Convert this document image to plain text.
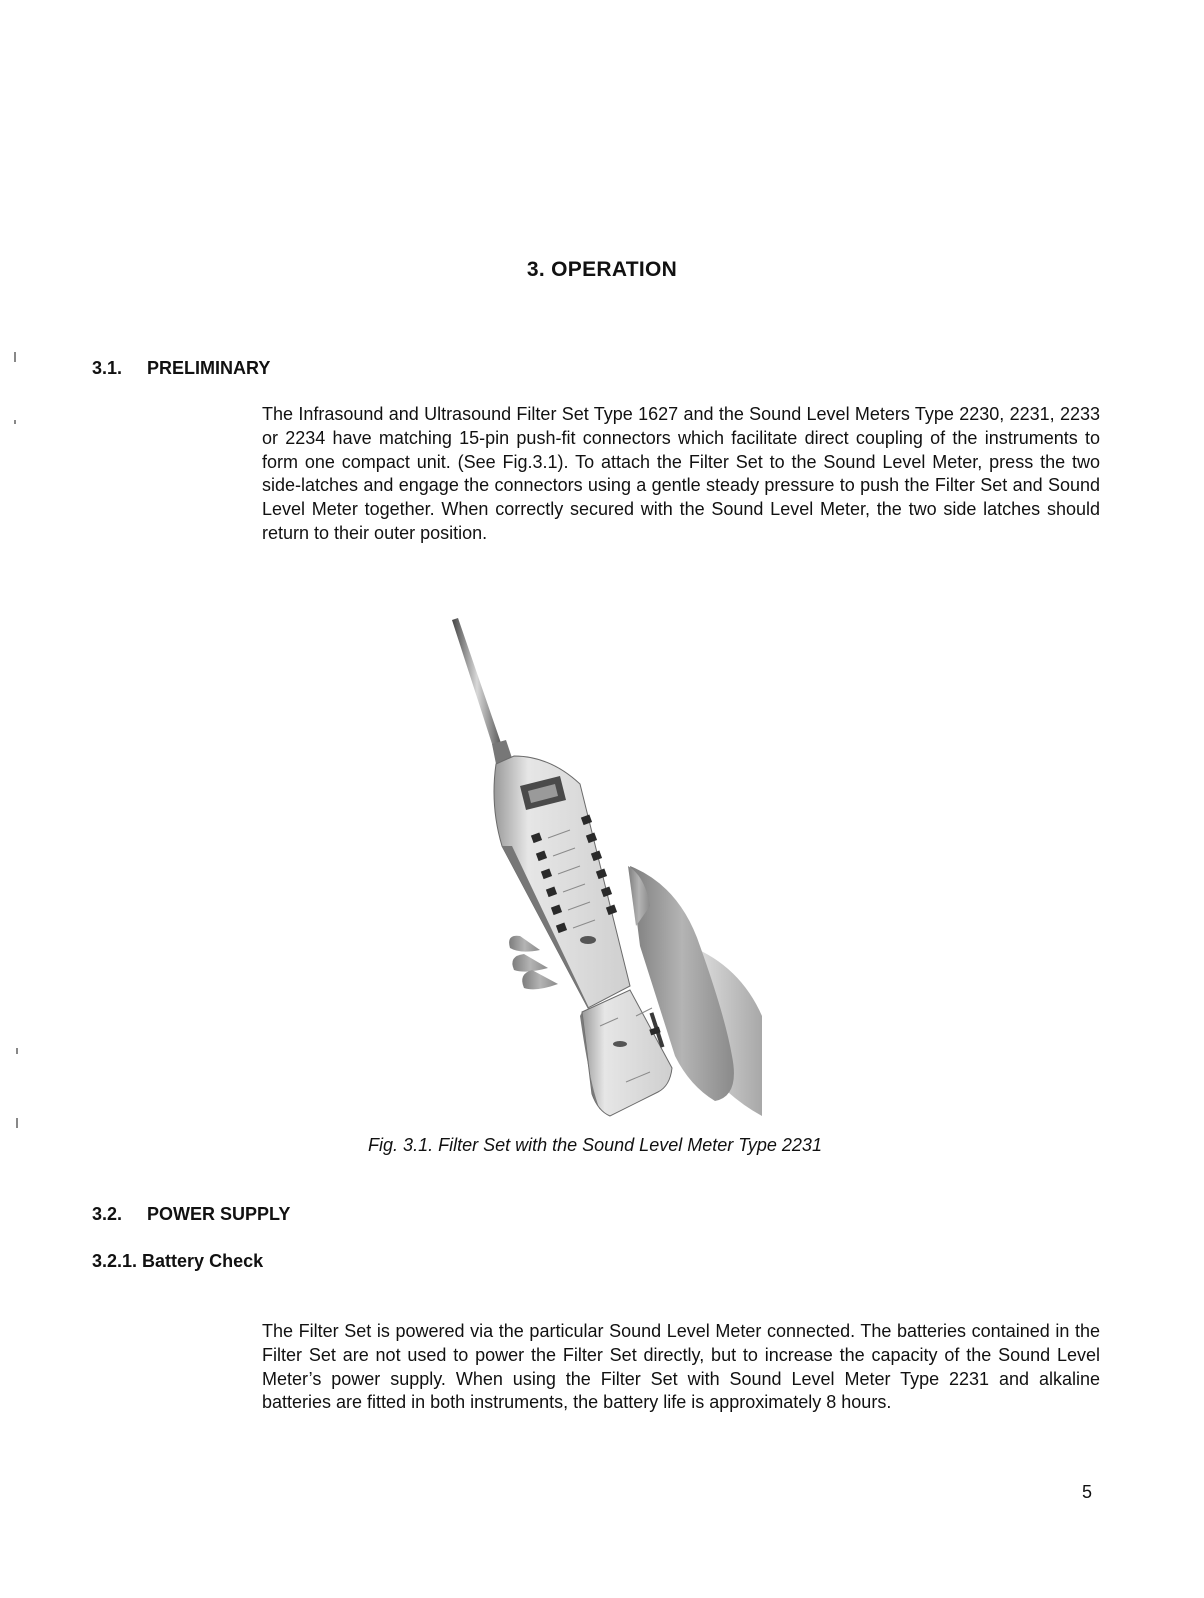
3. OPERATION
3.1. PRELIMINARY

The Infrasound and Ultrasound Filter Set Type 1627 and the Sound Level Meters Type 2230, 2231, 2233 or 2234 have matching 15-pin push-fit connectors which facilitate direct coupling of the instruments to form one compact unit. (See Fig.3.1). To attach the Filter Set to the Sound Level Meter, press the two side-latches and engage the connectors using a gentle steady pressure to push the Filter Set and Sound Level Meter together. When correctly secured with the Sound Level Meter, the two side latches should return to their outer position.

Fig. 3.1. Filter Set with the Sound Level Meter Type 2231
3.2. POWER SUPPLY
3.2.1. Battery Check

The Filter Set is powered via the particular Sound Level Meter connected. The batteries contained in the Filter Set are not used to power the Filter Set directly, but to increase the capacity of the Sound Level Meter’s power supply. When using the Filter Set with Sound Level Meter Type 2231 and alkaline batteries are fitted in both instruments, the battery life is approximately 8 hours.

5
